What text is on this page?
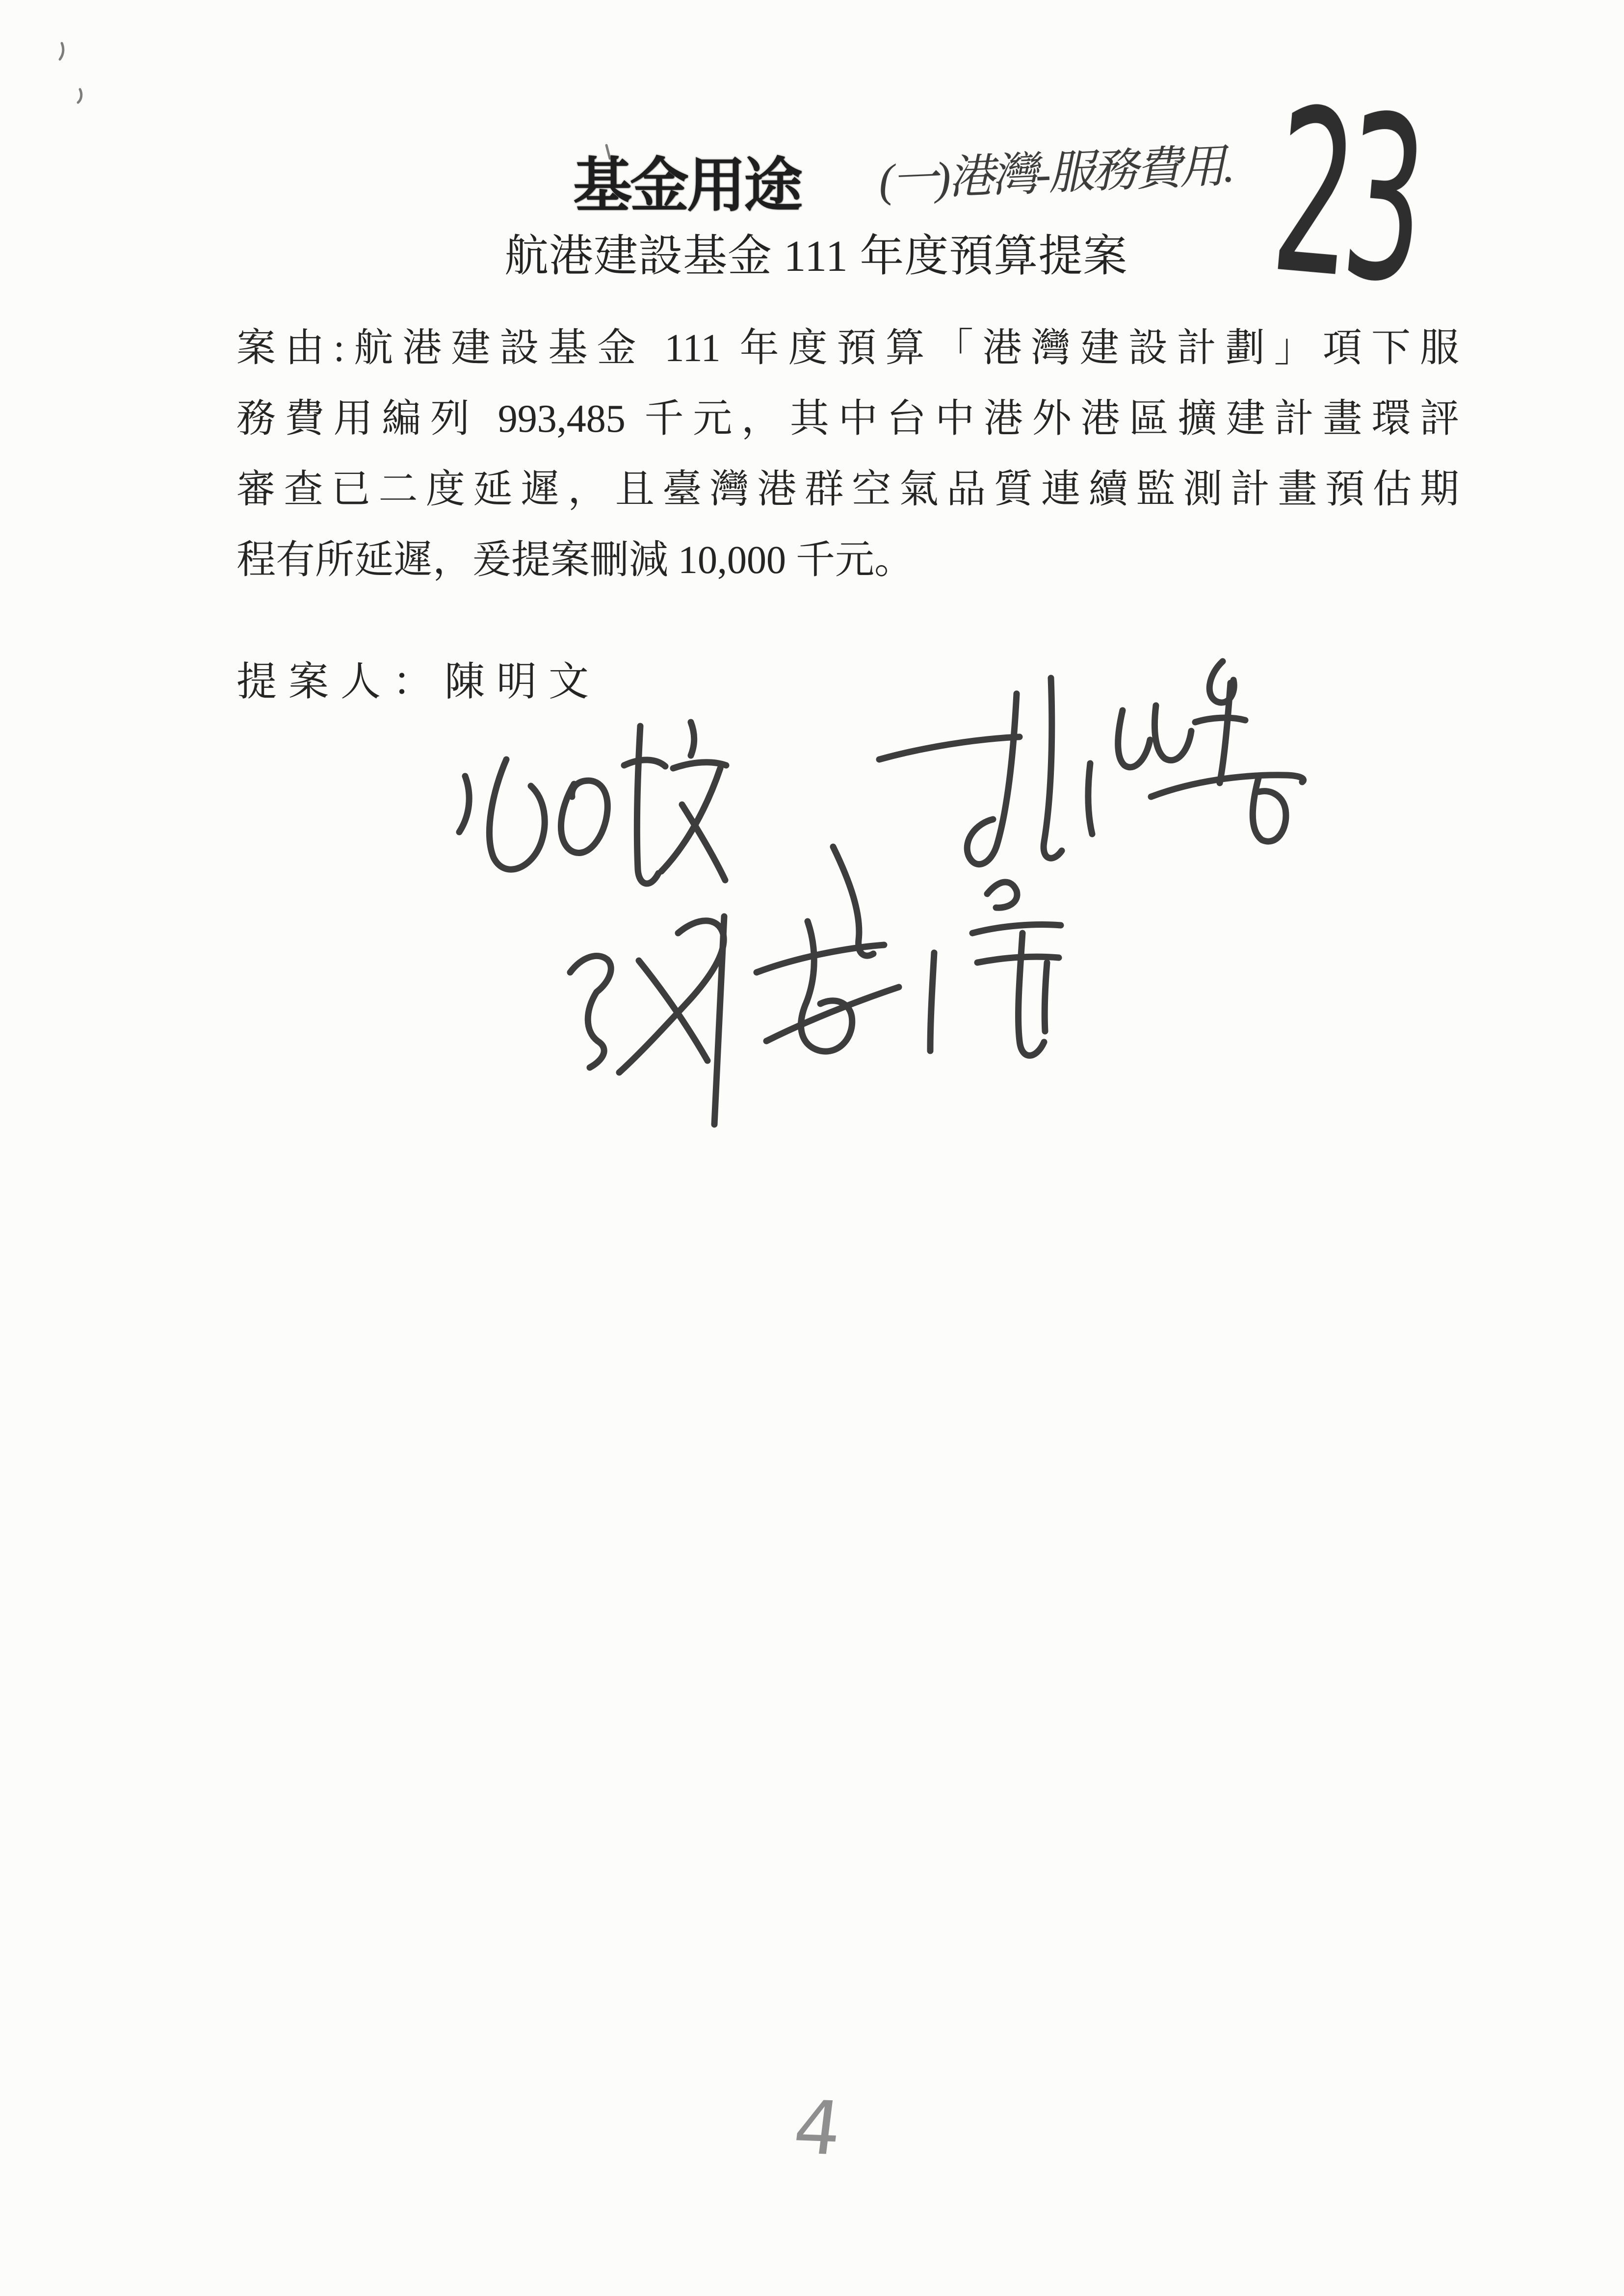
基金用途 (一)港灣-服務費用. 23
航港建設基金 111 年度預算提案
案由:航港建設基金 111 年度預算「港灣建設計劃」項下服
務費用編列 993,485 千元，其中台中港外港區擴建計畫環評
審查已二度延遲，且臺灣港群空氣品質連續監測計畫預估期
程有所延遲，爰提案刪減 10,000 千元。
提案人：陳明文
4
